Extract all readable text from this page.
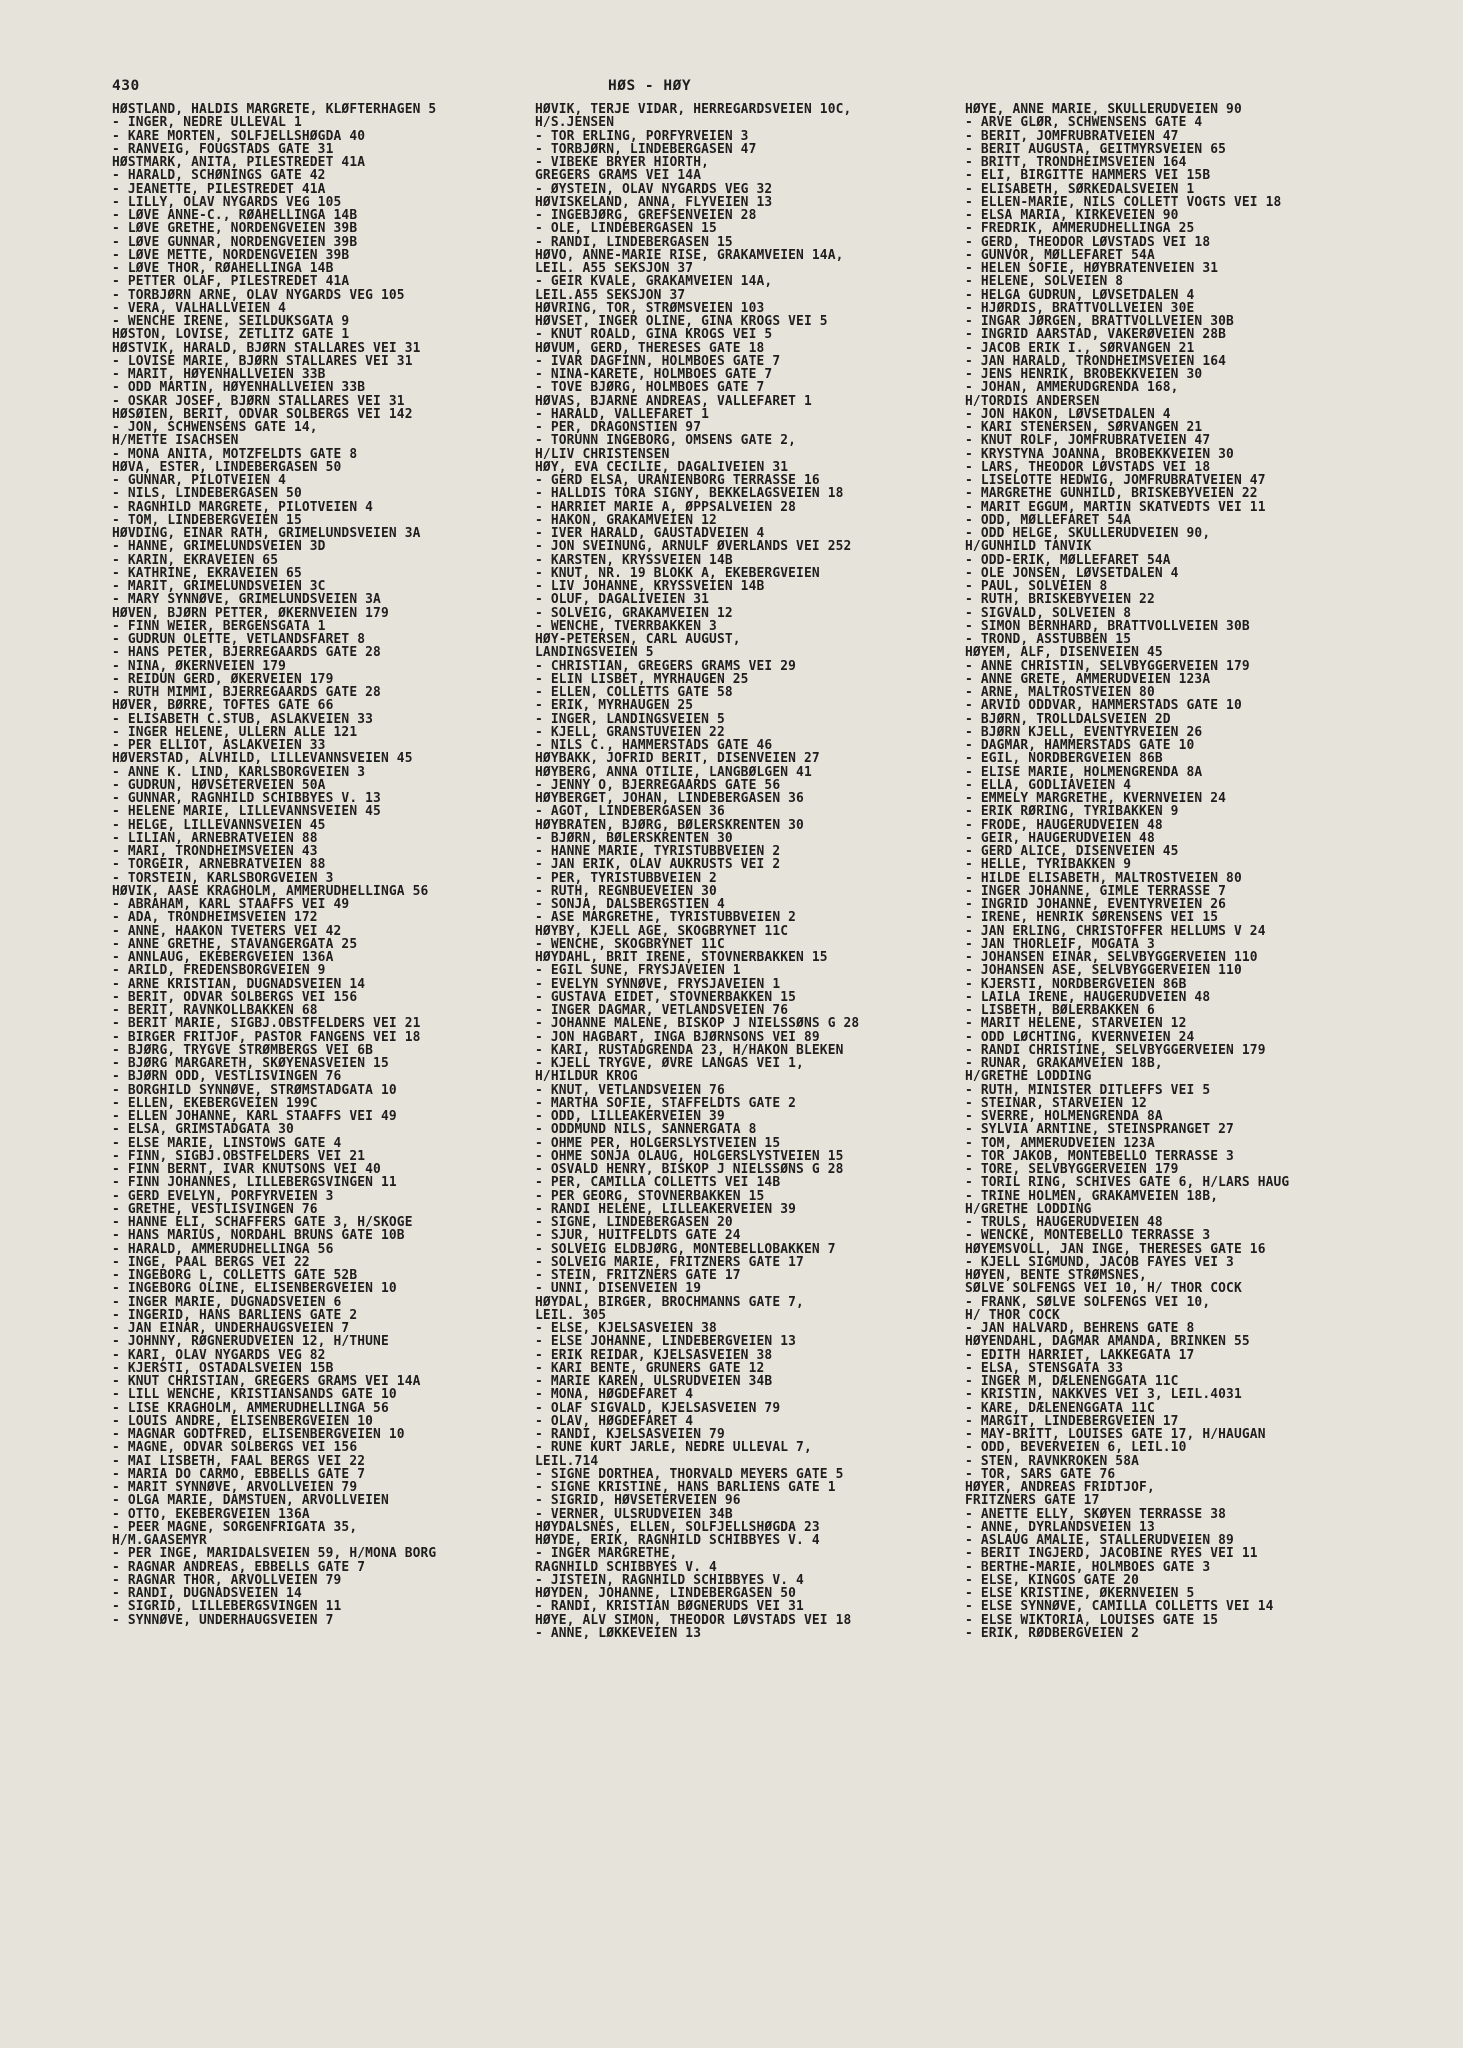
430	HØS - HØY
HØSTLAND, HALDIS MARGRETE, KLØFTERHAGEN 5
- INGER, NEDRE ULLEVÅL 1
- KARE MORTEN, SOLFJELLSHØGDA 40
- RANVEIG, FOUGSTADS GATE 31
HØSTMARK, ANITA, PILESTREDET 41A
- HARALD, SCHØNINGS GATE 42
- JEANETTE, PILESTREDET 41A
- LILLY, OLAV NYGARDS VEG 105
- LØVE ANNE-C., RØAHELLINGA 14B
- LØVE GRETHE, NORDENGVEIEN 39B
- LØVE GUNNAR, NORDENGVEIEN 39B
- LØVE METTE, NORDENGVEIEN 39B
- LØVE THOR, RØAHELLINGA 14B
- PETTER OLAF, PILESTREDET 41A
- TORBJØRN ARNE, OLAV NYGARDS VEG 105
- VERA, VALHALLVEIEN 4
- WENCHE IRENE, SEILDUKSGATA 9
HØSTON, LOVISE, ZETLITZ GATE 1
HØSTVIK, HARALD, BJØRN STALLARES VEI 31
- LOVISE MARIE, BJØRN STALLARES VEI 31
- MARIT, HØYENHALLVEIEN 33B
- ODD MARTIN, HØYENHALLVEIEN 33B
- OSKAR JOSEF, BJØRN STALLARES VEI 31
HØSØIEN, BERIT, ODVAR SOLBERGS VEI 142
- JON, SCHWENSENS GATE 14,
H/METTE ISACHSEN
- MONA ANITA, MOTZFELDTS GATE 8
HØVA, ESTER, LINDEBERGÅSEN 50
- GUNNAR, PILOTVEIEN 4
- NILS, LINDEBERGÅSEN 50
- RAGNHILD MARGRETE, PILOTVEIEN 4
- TOM, LINDEBERGVEIEN 15
HØVDING, EINAR RATH, GRIMELUNDSVEIEN 3A
- HANNE, GRIMELUNDSVEIEN 3D
- KARIN, EKRAVEIEN 65
- KATHRINE, EKRAVEIEN 65
- MARIT, GRIMELUNDSVEIEN 3C
- MARY SYNNØVE, GRIMELUNDSVEIEN 3A
HØVEN, BJØRN PETTER, ØKERNVEIEN 179
- FINN WEIER, BERGENSGATA 1
- GUDRUN OLETTE, VETLANDSFARET 8
- HANS PETER, BJERREGAARDS GATE 28
- NINA, ØKERNVEIEN 179
- REIDUN GERD, ØKERVEIEN 179
- RUTH MIMMI, BJERREGAARDS GATE 28
HØVER, BØRRE, TOFTES GATE 66
- ELISABETH C.STUB, ASLAKVEIEN 33
- INGER HELENE, ULLERN ALLE 121
- PER ELLIOT, ASLAKVEIEN 33
HØVERSTAD, ALVHILD, LILLEVANNSVEIEN 45
- ANNE K. LIND, KARLSBORGVEIEN 3
- GUDRUN, HØVSETERVEIEN 50A
- GUNNAR, RAGNHILD SCHIBBYES V. 13
- HELENE MARIE, LILLEVANNSVEIEN 45
- HELGE, LILLEVANNSVEIEN 45
- LILIAN, ARNEBRATVEIEN 88
- MARI, TRONDHEIMSVEIEN 43
- TORGEIR, ARNEBRATVEIEN 88
- TORSTEIN, KARLSBORGVEIEN 3
HØVIK, AASE KRAGHOLM, AMMERUDHELLINGA 56
- ABRAHAM, KARL STAAFFS VEI 49
- ADA, TRONDHEIMSVEIEN 172
- ANNE, HAAKON TVETERS VEI 42
- ANNE GRETHE, STAVANGERGATA 25
- ANNLAUG, EKEBERGVEIEN 136A
- ARILD, FREDENSBORGVEIEN 9
- ARNE KRISTIAN, DUGNADSVEIEN 14
- BERIT, ODVAR SOLBERGS VEI 156
- BERIT, RAVNKOLLBAKKEN 68
- BERIT MARIE, SIGBJ.OBSTFELDERS VEI 21
- BIRGER FRITJOF, PASTOR FANGENS VEI 18
- BJØRG, TRYGVE STRØMBERGS VEI 6B
- BJØRG MARGARETH, SKØYENÅSVEIEN 15
- BJØRN ODD, VESTLISVINGEN 76
- BORGHILD SYNNØVE, STRØMSTADGATA 10
- ELLEN, EKEBERGVEIEN 199C
- ELLEN JOHANNE, KARL STAAFFS VEI 49
- ELSA, GRIMSTADGATA 30
- ELSE MARIE, LINSTOWS GATE 4
- FINN, SIGBJ.OBSTFELDERS VEI 21
- FINN BERNT, IVAR KNUTSONS VEI 40
- FINN JOHANNES, LILLEBERGSVINGEN 11
- GERD EVELYN, PORFYRVEIEN 3
- GRETHE, VESTLISVINGEN 76
- HANNE ELI, SCHÄFFERS GATE 3, H/SKOGE
- HANS MARIUS, NORDAHL BRUNS GATE 10B
- HARALD, AMMERUDHELLINGA 56
- INGE, PAAL BERGS VEI 22
- INGEBORG L, COLLETTS GATE 52B
- INGEBORG OLINE, ELISENBERGVEIEN 10
- INGER MARIE, DUGNADSVEIEN 6
- INGERID, HANS BARLIENS GATE 2
- JAN EINAR, UNDERHAUGSVEIEN 7
- JOHNNY, RØGNERUDVEIEN 12, H/THUNE
- KARI, OLAV NYGARDS VEG 82
- KJERSTI, OSTADALSVEIEN 15B
- KNUT CHRISTIAN, GREGERS GRAMS VEI 14A
- LILL WENCHE, KRISTIANSANDS GATE 10
- LISE KRAGHOLM, AMMERUDHELLINGA 56
- LOUIS ANDRE, ELISENBERGVEIEN 10
- MAGNAR GODTFRED, ELISENBERGVEIEN 10
- MAGNE, ODVAR SOLBERGS VEI 156
- MAI LISBETH, FAAL BERGS VEI 22
- MARIA DO CARMO, EBBELLS GATE 7
- MARIT SYNNØVE, ARVOLLVEIEN 79
- OLGA MARIE, DAMSTUEN, ARVOLLVEIEN
- OTTO, EKEBERGVEIEN 136A
- PEER MAGNE, SORGENFRIGATA 35,
H/M.GAASEMYR
- PER INGE, MARIDALSVEIEN 59, H/MONA BORG
- RAGNAR ANDREAS, EBBELLS GATE 7
- RAGNAR THOR, ARVOLLVEIEN 79
- RANDI, DUGNADSVEIEN 14
- SIGRID, LILLEBERGSVINGEN 11
- SYNNØVE, UNDERHAUGSVEIEN 7
HØVIK, TERJE VIDAR, HERREGÅRDSVEIEN 10C,
H/S.JENSEN
- TOR ERLING, PORFYRVEIEN 3
- TORBJØRN, LINDEBERGÅSEN 47
- VIBEKE BRYER HIORTH,
GREGERS GRAMS VEI 14A
- ØYSTEIN, OLAV NYGARDS VEG 32
HØVISKELAND, ANNA, FLYVEIEN 13
- INGEBJØRG, GREFSENVEIEN 28
- OLE, LINDEBERGÅSEN 15
- RANDI, LINDEBERGÅSEN 15
HØVO, ANNE-MARIE RISE, GRÅKAMVEIEN 14A,
LEIL. A55 SEKSJON 37
- GEIR KVALE, GRÅKAMVEIEN 14A,
LEIL.A55 SEKSJON 37
HØVRING, TOR, STRØMSVEIEN 103
HØVSET, INGER OLINE, GINA KROGS VEI 5
- KNUT ROALD, GINA KROGS VEI 5
HØVUM, GERD, THERESES GATE 18
- IVAR DAGFINN, HOLMBOES GATE 7
- NINA-KARETE, HOLMBOES GATE 7
- TOVE BJØRG, HOLMBOES GATE 7
HØVÅS, BJARNE ANDREAS, VALLEFARET 1
- HARALD, VALLEFARET 1
- PER, DRAGONSTIEN 97
- TORUNN INGEBORG, OMSENS GATE 2,
H/LIV CHRISTENSEN
HØY, EVA CECILIE, DAGALIVEIEN 31
- GERD ELSA, URANIENBORG TERRASSE 16
- HALLDIS TORA SIGNY, BEKKELAGSVEIEN 18
- HARRIET MARIE A, ØPPSALVEIEN 28
- HÅKON, GRÅKAMVEIEN 12
- IVER HARALD, GAUSTADVEIEN 4
- JON SVEINUNG, ARNULF ØVERLANDS VEI 252
- KARSTEN, KRYSSVEIEN 14B
- KNUT, NR. 19 BLOKK A, EKEBERGVEIEN
- LIV JOHANNE, KRYSSVEIEN 14B
- OLUF, DAGALIVEIEN 31
- SOLVEIG, GRÅKAMVEIEN 12
- WENCHE, TVERRBAKKEN 3
HØY-PETERSEN, CARL AUGUST,
LANDINGSVEIEN 5
- CHRISTIAN, GREGERS GRAMS VEI 29
- ELIN LISBET, MYRHAUGEN 25
- ELLEN, COLLETTS GATE 58
- ERIK, MYRHAUGEN 25
- INGER, LANDINGSVEIEN 5
- KJELL, GRANSTUVEIEN 22
- NILS C., HAMMERSTADS GATE 46
HØYBAKK, JOFRID BERIT, DISENVEIEN 27
HØYBERG, ANNA OTILIE, LANGBØLGEN 41
- JENNY O, BJERREGAARDS GATE 56
HØYBERGET, JOHAN, LINDEBERGÅSEN 36
- AGOT, LINDEBERGÅSEN 36
HØYBRÅTEN, BJØRG, BØLERSKRENTEN 30
- BJØRN, BØLERSKRENTEN 30
- HANNE MARIE, TYRISTUBBVEIEN 2
- JAN ERIK, OLAV AUKRUSTS VEI 2
- PER, TYRISTUBBVEIEN 2
- RUTH, REGNBUEVEIEN 30
- SONJA, DALSBERGSTIEN 4
- ÅSE MARGRETHE, TYRISTUBBVEIEN 2
HØYBY, KJELL ÅGE, SKOGBRYNET 11C
- WENCHE, SKOGBRYNET 11C
HØYDAHL, BRIT IRENE, STOVNERBAKKEN 15
- EGIL SUNE, FRYSJAVEIEN 1
- EVELYN SYNNØVE, FRYSJAVEIEN 1
- GUSTAVA EIDET, STOVNERBAKKEN 15
- INGER DAGMAR, VETLANDSVEIEN 76
- JOHANNE MALENE, BISKOP J NIELSSØNS G 28
- JON HAGBART, INGA BJØRNSONS VEI 89
- KARI, RUSTADGRENDA 23, H/HAKON BLEKEN
- KJELL TRYGVE, ØVRE LANGÅS VEI 1,
H/HILDUR KROG
- KNUT, VETLANDSVEIEN 76
- MARTHA SOFIE, STAFFELDTS GATE 2
- ODD, LILLEAKERVEIEN 39
- ODDMUND NILS, SANNERGATA 8
- OHME PER, HOLGERSLYSTVEIEN 15
- OHME SONJA OLAUG, HOLGERSLYSTVEIEN 15
- OSVALD HENRY, BISKOP J NIELSSØNS G 28
- PER, CAMILLA COLLETTS VEI 14B
- PER GEORG, STOVNERBAKKEN 15
- RANDI HELENE, LILLEAKERVEIEN 39
- SIGNE, LINDEBERGÅSEN 20
- SJUR, HUITFELDTS GATE 24
- SOLVEIG ELDBJØRG, MONTEBELLOBAKKEN 7
- SOLVEIG MARIE, FRITZNERS GATE 17
- STEIN, FRITZNERS GATE 17
- UNNI, DISENVEIEN 19
HØYDAL, BIRGER, BROCHMANNS GATE 7,
LEIL. 305
- ELSE, KJELSÅSVEIEN 38
- ELSE JOHANNE, LINDEBERGVEIEN 13
- ERIK REIDAR, KJELSÅSVEIEN 38
- KARI BENTE, GRÜNERS GATE 12
- MARIE KAREN, ULSRUDVEIEN 34B
- MONA, HØGDEFARET 4
- OLAF SIGVALD, KJELSÅSVEIEN 79
- OLAV, HØGDEFARET 4
- RANDI, KJELSÅSVEIEN 79
- RUNE KURT JARLE, NEDRE ULLEVÅL 7,
LEIL.714
- SIGNE DORTHEA, THORVALD MEYERS GATE 5
- SIGNE KRISTINE, HANS BARLIENS GATE 1
- SIGRID, HØVSETERVEIEN 96
- VERNER, ULSRUDVEIEN 34B
HØYDALSNES, ELLEN, SOLFJELLSHØGDA 23
HØYDE, ERIK, RAGNHILD SCHIBBYES V. 4
- INGER MARGRETHE,
RAGNHILD SCHIBBYES V. 4
- JISTEIN, RAGNHILD SCHIBBYES V. 4
HØYDEN, JOHANNE, LINDEBERGÅSEN 50
- RANDI, KRISTIAN BØGNERUDS VEI 31
HØYE, ALV SIMON, THEODOR LØVSTADS VEI 18
- ANNE, LØKKEVEIEN 13
HØYE, ANNE MARIE, SKULLERUDVEIEN 90
- ARVE GLØR, SCHWENSENS GATE 4
- BERIT, JOMFRUBRÅTVEIEN 47
- BERIT AUGUSTA, GEITMYRSVEIEN 65
- BRITT, TRONDHEIMSVEIEN 164
- ELI, BIRGITTE HAMMERS VEI 15B
- ELISABETH, SØRKEDALSVEIEN 1
- ELLEN-MARIE, NILS COLLETT VOGTS VEI 18
- ELSA MARIA, KIRKEVEIEN 90
- FREDRIK, AMMERUDHELLINGA 25
- GERD, THEODOR LØVSTADS VEI 18
- GUNVOR, MØLLEFARET 54A
- HELEN SOFIE, HØYBRÅTENVEIEN 31
- HELENE, SOLVEIEN 8
- HELGA GUDRUN, LØVSETDALEN 4
- HJØRDIS, BRATTVOLLVEIEN 30E
- INGAR JØRGEN, BRATTVOLLVEIEN 30B
- INGRID AARSTAD, VAKERØVEIEN 28B
- JACOB ERIK I., SØRVANGEN 21
- JAN HARALD, TRONDHEIMSVEIEN 164
- JENS HENRIK, BROBEKKVEIEN 30
- JOHAN, AMMERUDGRENDA 168,
H/TORDIS ANDERSEN
- JON HÅKON, LØVSETDALEN 4
- KARI STENERSEN, SØRVANGEN 21
- KNUT ROLF, JOMFRUBRÅTVEIEN 47
- KRYSTYNA JOANNA, BROBEKKVEIEN 30
- LARS, THEODOR LØVSTADS VEI 18
- LISELOTTE HEDWIG, JOMFRUBRÅTVEIEN 47
- MARGRETHE GUNHILD, BRISKEBYVEIEN 22
- MARIT EGGUM, MARTIN SKATVEDTS VEI 11
- ODD, MØLLEFARET 54A
- ODD HELGE, SKULLERUDVEIEN 90,
H/GUNHILD TANVIK
- ODD-ERIK, MØLLEFARET 54A
- OLE JONSEN, LØVSETDALEN 4
- PAUL, SOLVEIEN 8
- RUTH, BRISKEBYVEIEN 22
- SIGVALD, SOLVEIEN 8
- SIMON BERNHARD, BRATTVOLLVEIEN 30B
- TROND, ÅSSTUBBEN 15
HØYEM, ALF, DISENVEIEN 45
- ANNE CHRISTIN, SELVBYGGERVEIEN 179
- ANNE GRETE, AMMERUDVEIEN 123A
- ARNE, MALTROSTVEIEN 80
- ARVID ODDVAR, HAMMERSTADS GATE 10
- BJØRN, TROLLDALSVEIEN 2D
- BJØRN KJELL, EVENTYRVEIEN 26
- DAGMAR, HAMMERSTADS GATE 10
- EGIL, NORDBERGVEIEN 86B
- ELISE MARIE, HOLMENGRENDA 8A
- ELLA, GODLIAVEIEN 4
- EMMELY MARGRETHE, KVERNVEIEN 24
- ERIK RØRING, TYRIBAKKEN 9
- FRODE, HAUGERUDVEIEN 48
- GEIR, HAUGERUDVEIEN 48
- GERD ALICE, DISENVEIEN 45
- HELLE, TYRIBAKKEN 9
- HILDE ELISABETH, MALTROSTVEIEN 80
- INGER JOHANNE, GIMLE TERRASSE 7
- INGRID JOHANNE, EVENTYRVEIEN 26
- IRENE, HENRIK SØRENSENS VEI 15
- JAN ERLING, CHRISTOFFER HELLUMS V 24
- JAN THORLEIF, MOGATA 3
- JOHANSEN EINAR, SELVBYGGERVEIEN 110
- JOHANSEN ÅSE, SELVBYGGERVEIEN 110
- KJERSTI, NORDBERGVEIEN 86B
- LAILA IRENE, HAUGERUDVEIEN 48
- LISBETH, BØLERBAKKEN 6
- MARIT HELENE, STARVEIEN 12
- ODD LØCHTING, KVERNVEIEN 24
- RANDI CHRISTINE, SELVBYGGERVEIEN 179
- RUNAR, GRÅKAMVEIEN 18B,
H/GRETHE LODDING
- RUTH, MINISTER DITLEFFS VEI 5
- STEINAR, STARVEIEN 12
- SVERRE, HOLMENGRENDA 8A
- SYLVIA ARNTINE, STEINSPRANGET 27
- TOM, AMMERUDVEIEN 123A
- TOR JAKOB, MONTEBELLO TERRASSE 3
- TORE, SELVBYGGERVEIEN 179
- TORIL RING, SCHIVES GATE 6, H/LARS HAUG
- TRINE HOLMEN, GRÅKAMVEIEN 18B,
H/GRETHE LODDING
- TRULS, HAUGERUDVEIEN 48
- WENCKE, MONTEBELLO TERRASSE 3
HØYEMSVOLL, JAN INGE, THERESES GATE 16
- KJELL SIGMUND, JACOB FAYES VEI 3
HØYEN, BENTE STRØMSNES,
SØLVE SOLFENGS VEI 10, H/ THOR COCK
- FRANK, SØLVE SOLFENGS VEI 10,
H/ THOR COCK
- JAN HALVARD, BEHRENS GATE 8
HØYENDAHL, DAGMAR AMANDA, BRINKEN 55
- EDITH HARRIET, LAKKEGATA 17
- ELSA, STENSGATA 33
- INGER M, DÆLENENGGATA 11C
- KRISTIN, NAKKVES VEI 3, LEIL.4031
- KÅRE, DÆLENENGGATA 11C
- MARGIT, LINDEBERGVEIEN 17
- MAY-BRITT, LOUISES GATE 17, H/HAUGAN
- ODD, BEVERVEIEN 6, LEIL.10
- STEN, RAVNKROKEN 58A
- TOR, SARS GATE 76
HØYER, ANDREAS FRIDTJOF,
FRITZNERS GATE 17
- ANETTE ELLY, SKØYEN TERRASSE 38
- ANNE, DYRLANDSVEIEN 13
- ASLAUG AMALIE, STALLERUDVEIEN 89
- BERIT INGJERD, JACOBINE RYES VEI 11
- BERTHE-MARIE, HOLMBOES GATE 3
- ELSE, KINGOS GATE 20
- ELSE KRISTINE, ØKERNVEIEN 5
- ELSE SYNNØVE, CAMILLA COLLETTS VEI 14
- ELSE WIKTORIA, LOUISES GATE 15
- ERIK, RØDBERGVEIEN 2
